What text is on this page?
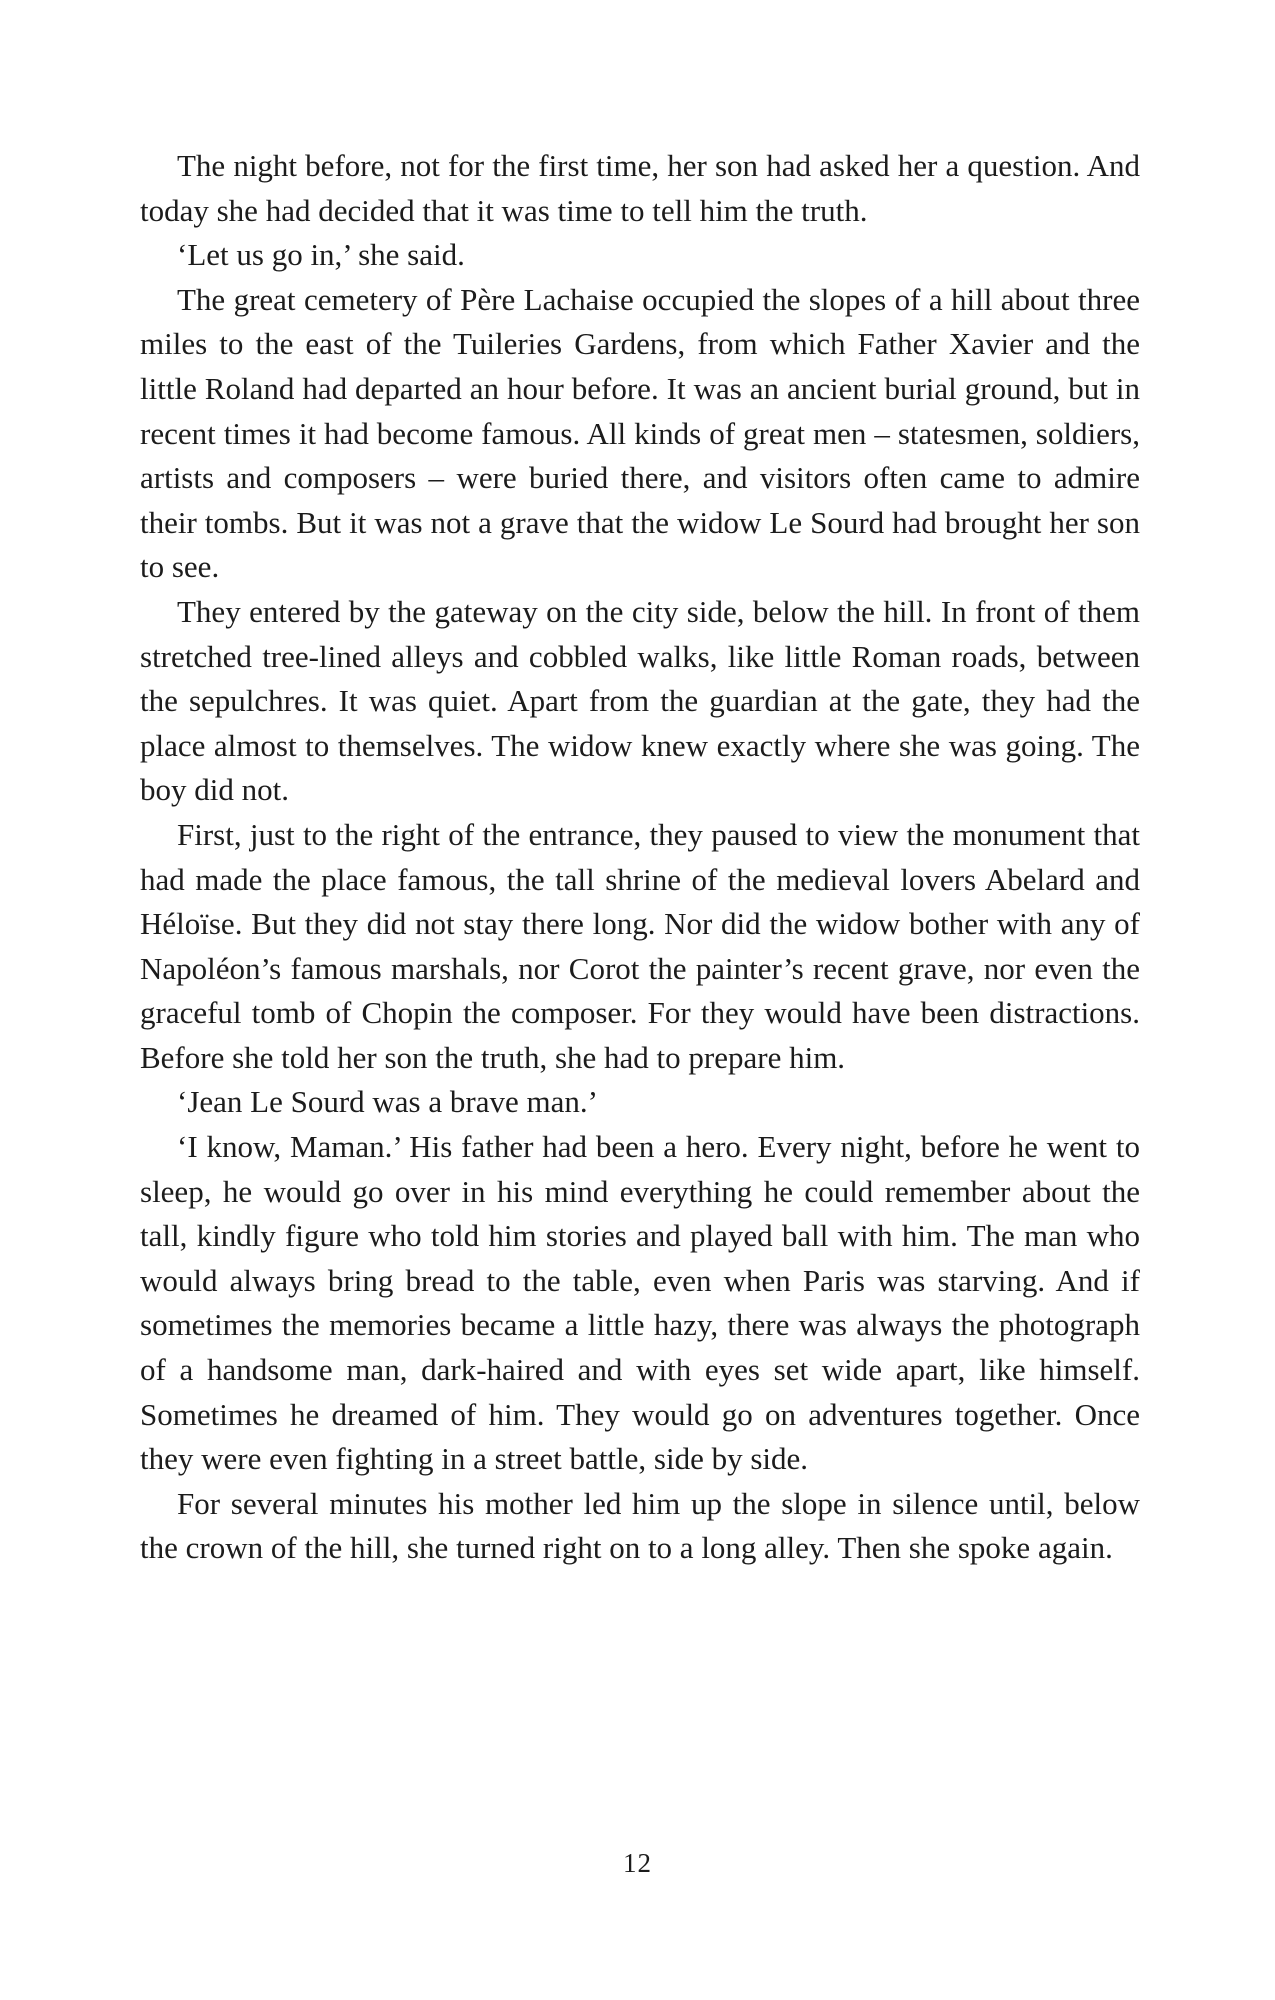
The night before, not for the first time, her son had asked her a question. And today she had decided that it was time to tell him the truth.

‘Let us go in,’ she said.

The great cemetery of Père Lachaise occupied the slopes of a hill about three miles to the east of the Tuileries Gardens, from which Father Xavier and the little Roland had departed an hour before. It was an ancient burial ground, but in recent times it had become famous. All kinds of great men – statesmen, soldiers, artists and composers – were buried there, and visitors often came to admire their tombs. But it was not a grave that the widow Le Sourd had brought her son to see.

They entered by the gateway on the city side, below the hill. In front of them stretched tree-lined alleys and cobbled walks, like little Roman roads, between the sepulchres. It was quiet. Apart from the guardian at the gate, they had the place almost to themselves. The widow knew exactly where she was going. The boy did not.

First, just to the right of the entrance, they paused to view the monument that had made the place famous, the tall shrine of the medieval lovers Abelard and Héloïse. But they did not stay there long. Nor did the widow bother with any of Napoléon’s famous marshals, nor Corot the painter’s recent grave, nor even the graceful tomb of Chopin the composer. For they would have been distractions. Before she told her son the truth, she had to prepare him.

‘Jean Le Sourd was a brave man.’

‘I know, Maman.’ His father had been a hero. Every night, before he went to sleep, he would go over in his mind everything he could remember about the tall, kindly figure who told him stories and played ball with him. The man who would always bring bread to the table, even when Paris was starving. And if sometimes the memories became a little hazy, there was always the photograph of a handsome man, dark-haired and with eyes set wide apart, like himself. Sometimes he dreamed of him. They would go on adventures together. Once they were even fighting in a street battle, side by side.

For several minutes his mother led him up the slope in silence until, below the crown of the hill, she turned right on to a long alley. Then she spoke again.

12
